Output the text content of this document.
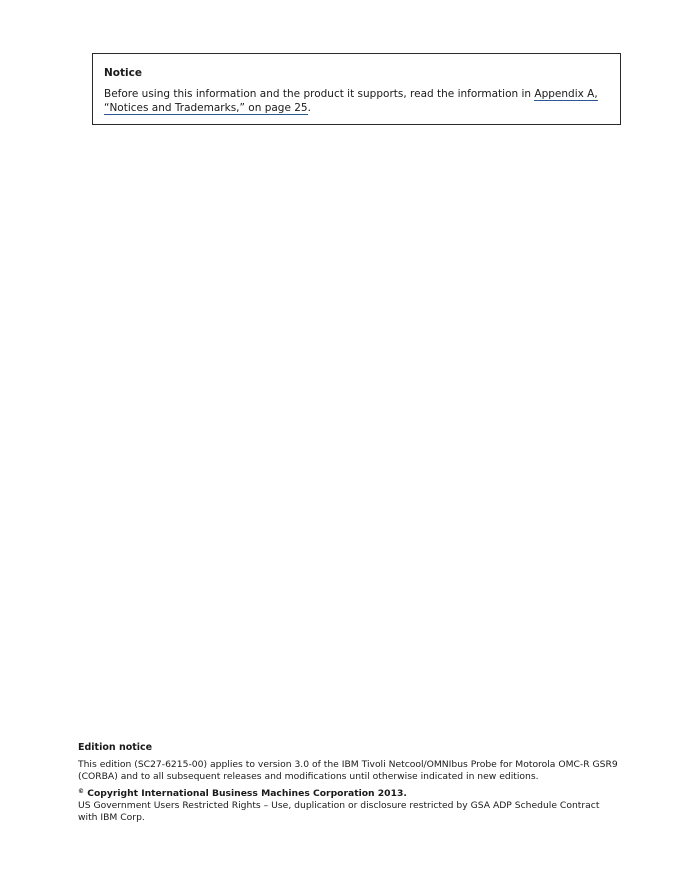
Notice

Before using this information and the product it supports, read the information in Appendix A, “Notices and Trademarks,” on page 25.

Edition notice

This edition (SC27-6215-00) applies to version 3.0 of the IBM Tivoli Netcool/OMNIbus Probe for Motorola OMC-R GSR9 (CORBA) and to all subsequent releases and modifications until otherwise indicated in new editions.

© Copyright International Business Machines Corporation 2013.

US Government Users Restricted Rights – Use, duplication or disclosure restricted by GSA ADP Schedule Contract with IBM Corp.
